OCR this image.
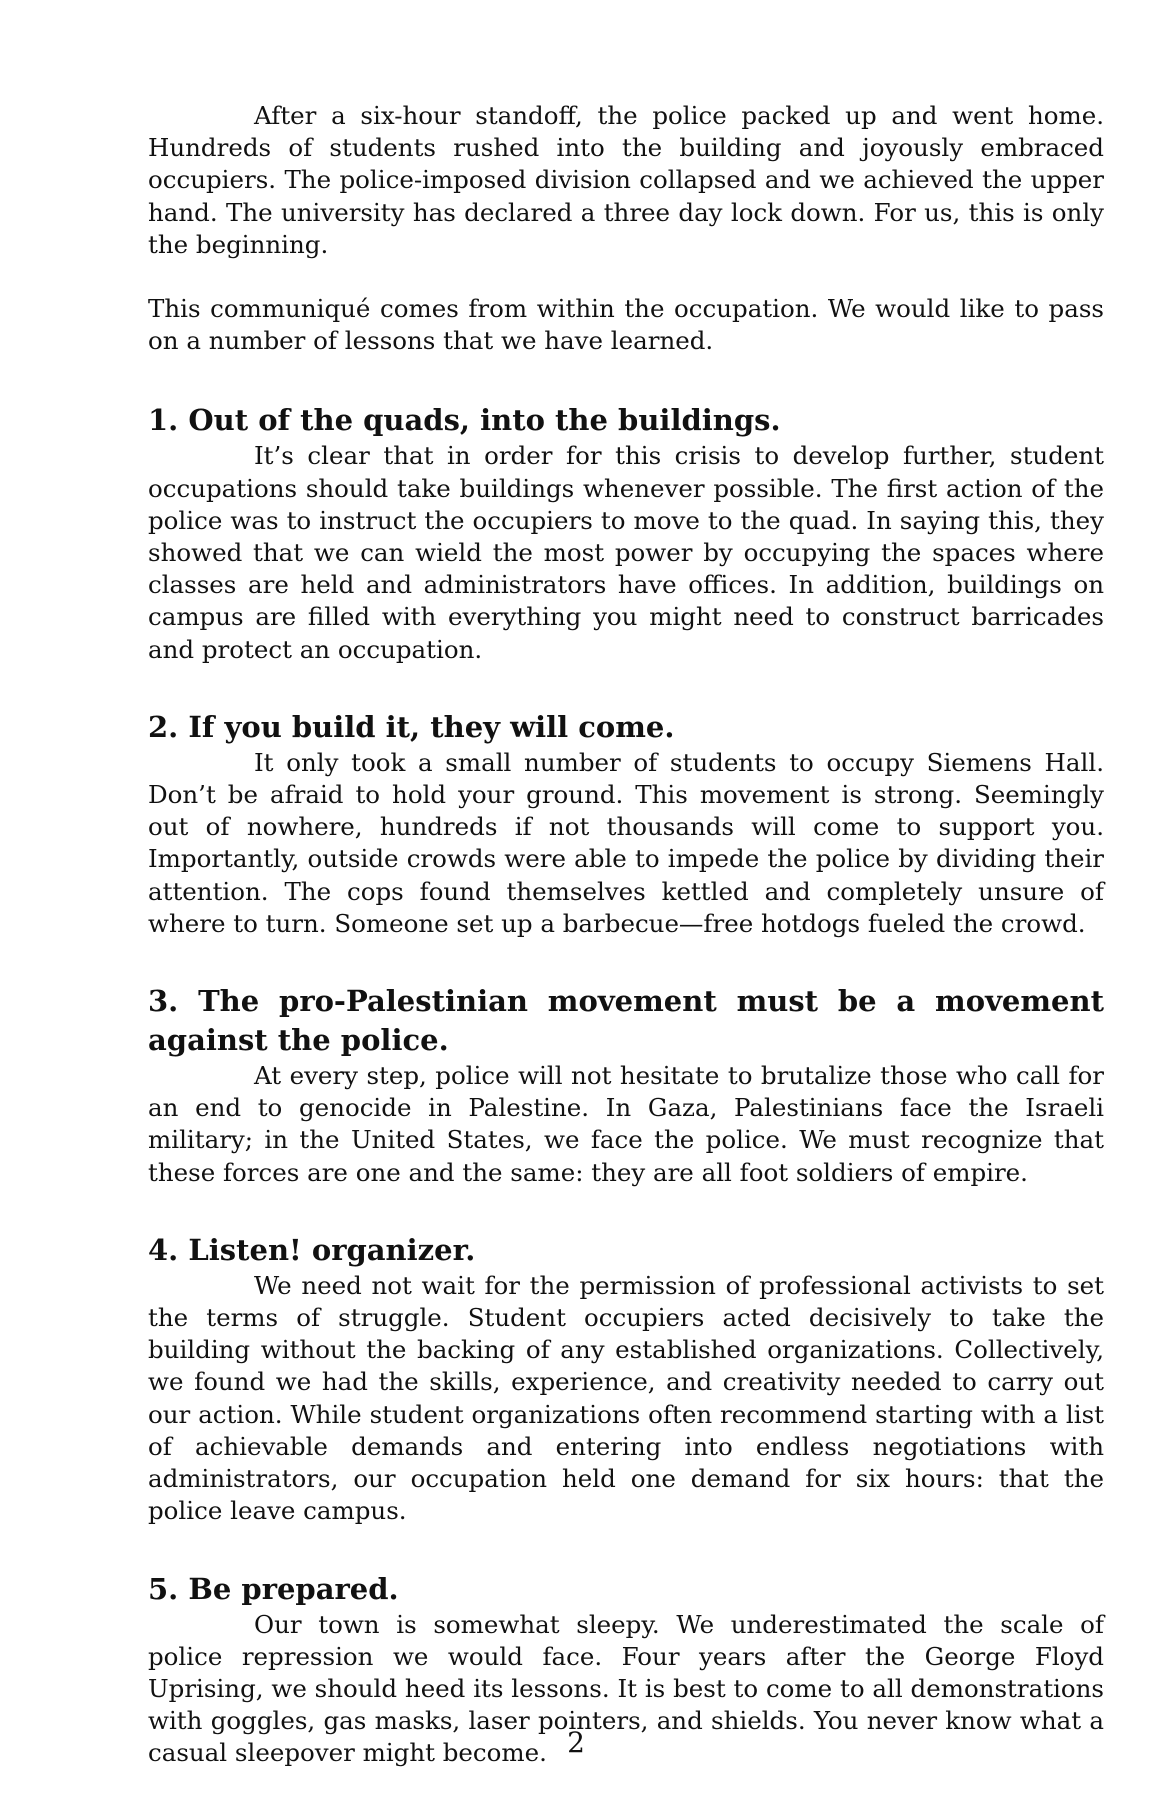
After a six-hour standoff, the police packed up and went home. Hundreds of students rushed into the building and joyously embraced occupiers. The police-imposed division collapsed and we achieved the upper hand. The university has declared a three day lock down. For us, this is only the beginning.

This communiqué comes from within the occupation. We would like to pass on a number of lessons that we have learned.

1. Out of the quads, into the buildings.

It’s clear that in order for this crisis to develop further, student occupations should take buildings whenever possible. The first action of the police was to instruct the occupiers to move to the quad. In saying this, they showed that we can wield the most power by occupying the spaces where classes are held and administrators have offices. In addition, buildings on campus are filled with everything you might need to construct barricades and protect an occupation.

2. If you build it, they will come.

It only took a small number of students to occupy Siemens Hall. Don’t be afraid to hold your ground. This movement is strong. Seemingly out of nowhere, hundreds if not thousands will come to support you. Importantly, outside crowds were able to impede the police by dividing their attention. The cops found themselves kettled and completely unsure of where to turn. Someone set up a barbecue—free hotdogs fueled the crowd.

3. The pro-Palestinian movement must be a movement against the police.

At every step, police will not hesitate to brutalize those who call for an end to genocide in Palestine. In Gaza, Palestinians face the Israeli military; in the United States, we face the police. We must recognize that these forces are one and the same: they are all foot soldiers of empire.

4. Listen! organizer.

We need not wait for the permission of professional activists to set the terms of struggle. Student occupiers acted decisively to take the building without the backing of any established organizations. Collectively, we found we had the skills, experience, and creativity needed to carry out our action. While student organizations often recommend starting with a list of achievable demands and entering into endless negotiations with administrators, our occupation held one demand for six hours: that the police leave campus.

5. Be prepared.

Our town is somewhat sleepy. We underestimated the scale of police repression we would face. Four years after the George Floyd Uprising, we should heed its lessons. It is best to come to all demonstrations with goggles, gas masks, laser pointers, and shields. You never know what a casual sleepover might become. 2
